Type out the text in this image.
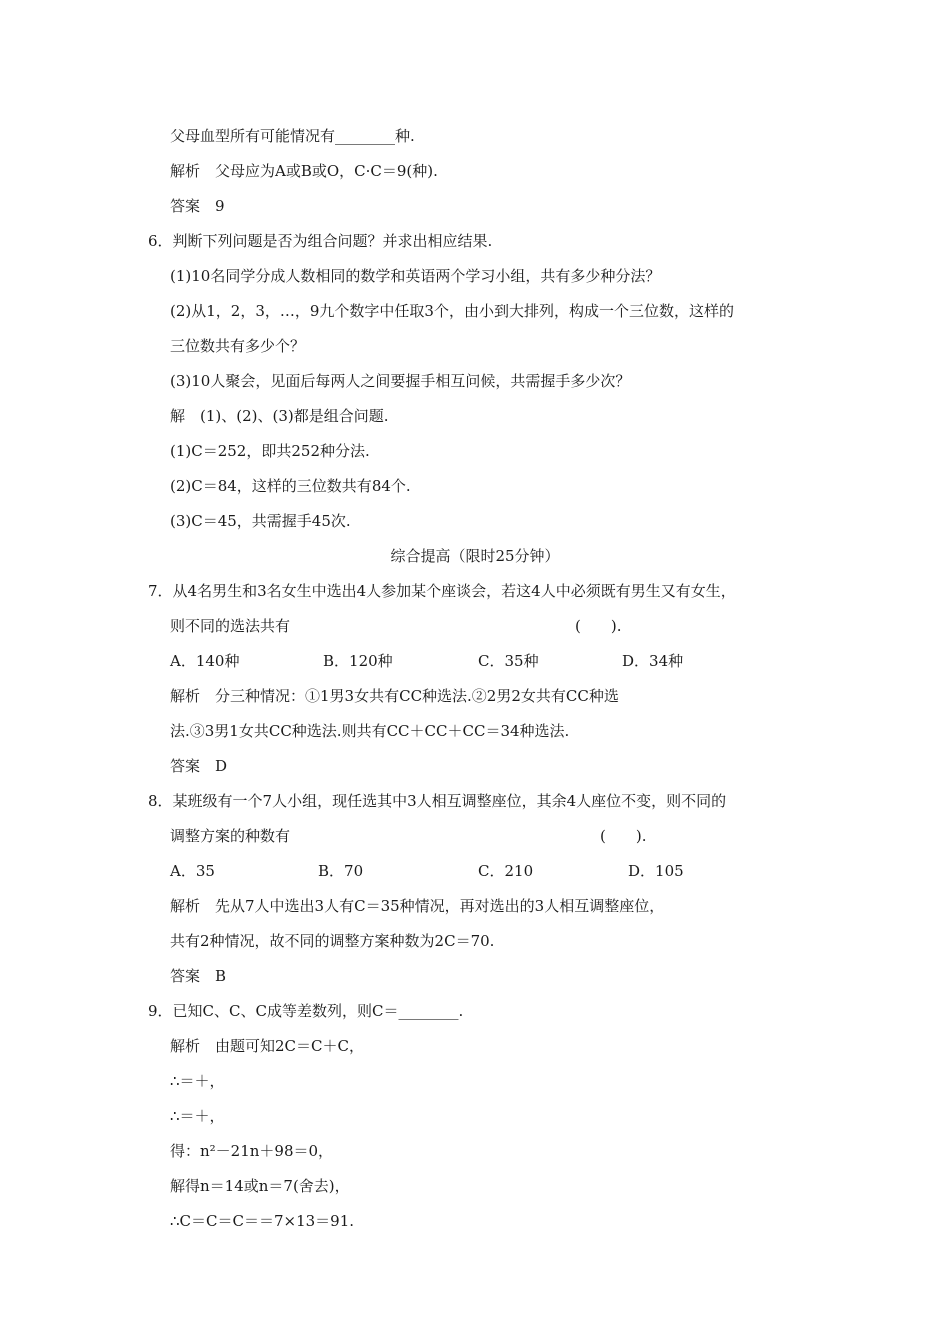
父母血型所有可能情况有________种.
解析　父母应为A或B或O，C·C＝9(种).
答案　9
6．判断下列问题是否为组合问题？并求出相应结果.
(1)10名同学分成人数相同的数学和英语两个学习小组，共有多少种分法？
(2)从1，2，3，…，9九个数字中任取3个，由小到大排列，构成一个三位数，这样的
三位数共有多少个？
(3)10人聚会，见面后每两人之间要握手相互问候，共需握手多少次？
解　(1)、(2)、(3)都是组合问题.
(1)C＝252，即共252种分法.
(2)C＝84，这样的三位数共有84个.
(3)C＝45，共需握手45次.
综合提高（限时25分钟）
7．从4名男生和3名女生中选出4人参加某个座谈会，若这4人中必须既有男生又有女生，
则不同的选法共有	(　　).
A．140种	B．120种	C．35种	D．34种
解析　分三种情况：①1男3女共有CC种选法.②2男2女共有CC种选
法.③3男1女共CC种选法.则共有CC＋CC＋CC＝34种选法.
答案　D
8．某班级有一个7人小组，现任选其中3人相互调整座位，其余4人座位不变，则不同的
调整方案的种数有	(　　).
A．35	B．70	C．210	D．105
解析　先从7人中选出3人有C＝35种情况，再对选出的3人相互调整座位，
共有2种情况，故不同的调整方案种数为2C＝70.
答案　B
9．已知C、C、C成等差数列，则C＝________.
解析　由题可知2C＝C＋C，
∴＝＋，
∴＝＋，
得：n²－21n＋98＝0，
解得n＝14或n＝7(舍去)，
∴C＝C＝C＝＝7×13＝91.
